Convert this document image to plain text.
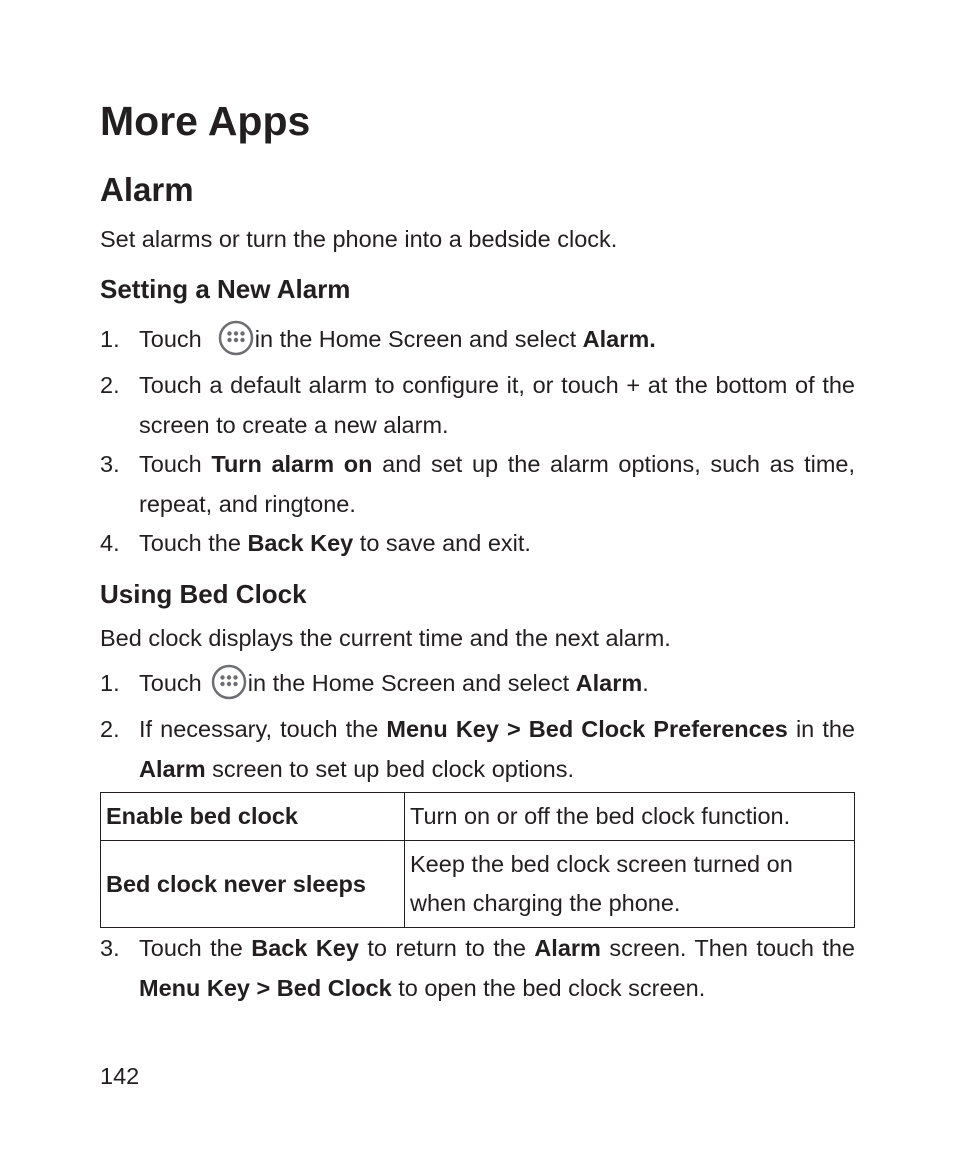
More Apps
Alarm
Set alarms or turn the phone into a bedside clock.
Setting a New Alarm
1. Touch
in the Home Screen and select Alarm.
2. Touch a default alarm to configure it, or touch + at the bottom of the screen to create a new alarm.
3. Touch Turn alarm on and set up the alarm options, such as time, repeat, and ringtone.
4. Touch the Back Key to save and exit.
Using Bed Clock
Bed clock displays the current time and the next alarm.
1. Touch
in the Home Screen and select Alarm.
2. If necessary, touch the Menu Key > Bed Clock Preferences in the Alarm screen to set up bed clock options.
Enable bed clock	Turn on or off the bed clock function.
Bed clock never sleeps	Keep the bed clock screen turned on when charging the phone.
3. Touch the Back Key to return to the Alarm screen. Then touch the Menu Key > Bed Clock to open the bed clock screen.
142
